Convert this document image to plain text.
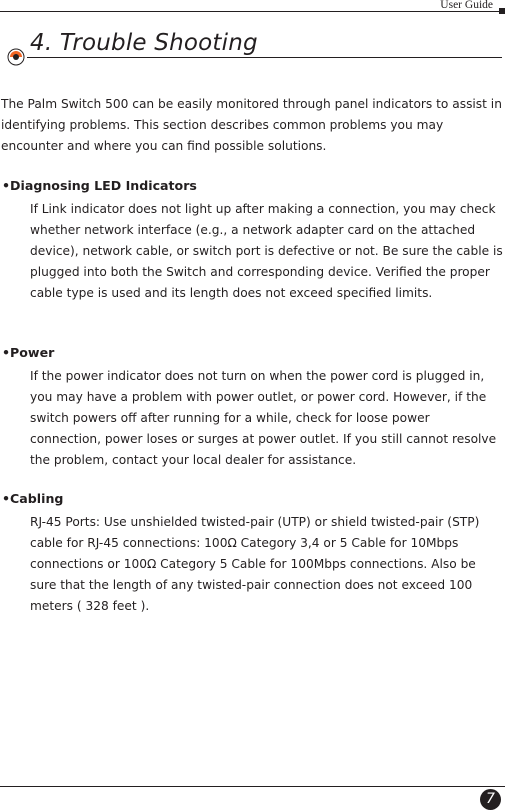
User Guide
4. Trouble Shooting

The Palm Switch 500 can be easily monitored through panel indicators to assist in identifying problems. This section describes common problems you may encounter and where you can find possible solutions.

•Diagnosing LED Indicators

If Link indicator does not light up after making a connection, you may check whether network interface (e.g., a network adapter card on the attached device), network cable, or switch port is defective or not. Be sure the cable is plugged into both the Switch and corresponding device. Verified the proper cable type is used and its length does not exceed specified limits.

•Power

If the power indicator does not turn on when the power cord is plugged in, you may have a problem with power outlet, or power cord. However, if the switch powers off after running for a while, check for loose power connection, power loses or surges at power outlet. If you still cannot resolve the problem, contact your local dealer for assistance.

•Cabling

RJ-45 Ports: Use unshielded twisted-pair (UTP) or shield twisted-pair (STP) cable for RJ-45 connections: 100Ω Category 3,4 or 5 Cable for 10Mbps connections or 100Ω Category 5 Cable for 100Mbps connections. Also be sure that the length of any twisted-pair connection does not exceed 100 meters ( 328 feet ).

7
